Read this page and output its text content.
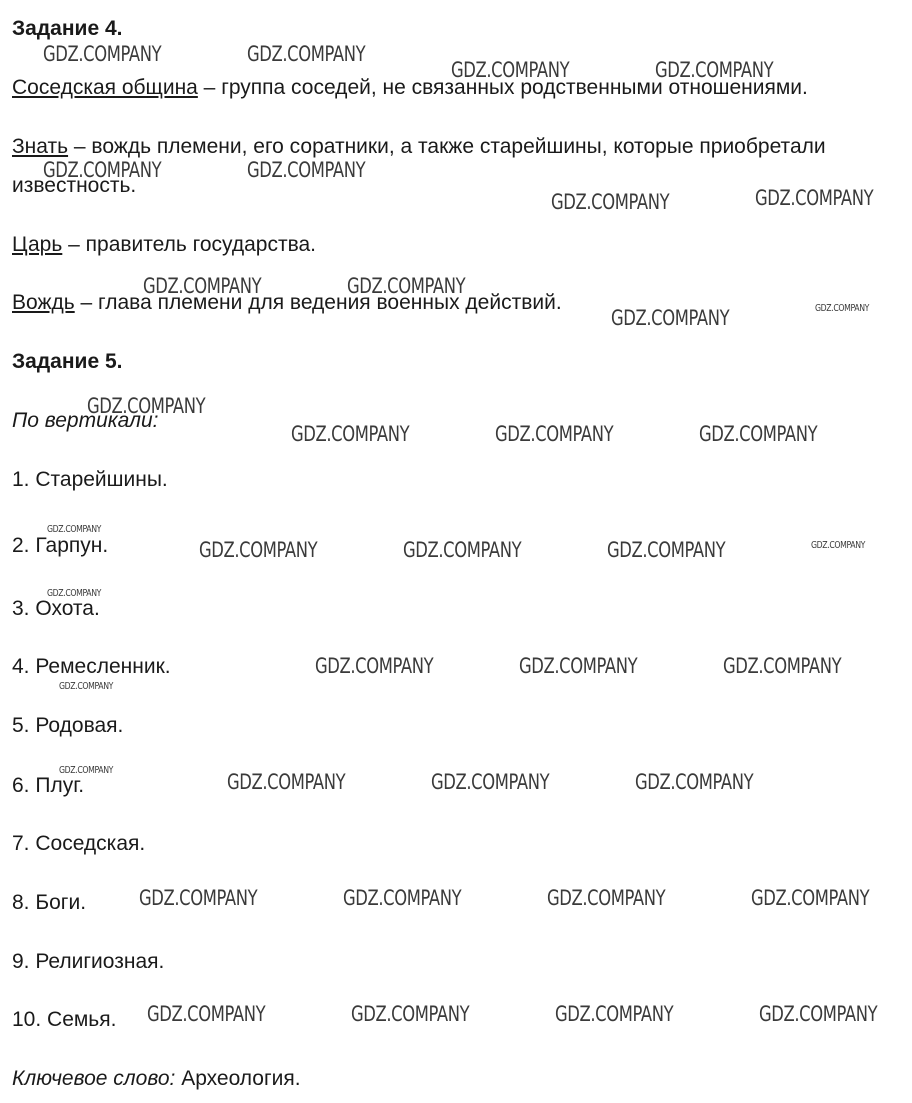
Задание 4.
Соседская община – группа соседей, не связанных родственными отношениями.
Знать – вождь племени, его соратники, а также старейшины, которые приобретали
известность.
Царь – правитель государства.
Вождь – глава племени для ведения военных действий.
Задание 5.
По вертикали:
1. Старейшины.
2. Гарпун.
3. Охота.
4. Ремесленник.
5. Родовая.
6. Плуг.
7. Соседская.
8. Боги.
9. Религиозная.
10. Семья.
Ключевое слово: Археология.
GDZ.COMPANY	GDZ.COMPANY
GDZ.COMPANY	GDZ.COMPANY
GDZ.COMPANY	GDZ.COMPANY
GDZ.COMPANY	GDZ.COMPANY
GDZ.COMPANY	GDZ.COMPANY
GDZ.COMPANY	GDZ.COMPANY
GDZ.COMPANY
GDZ.COMPANY	GDZ.COMPANY	GDZ.COMPANY
GDZ.COMPANY
GDZ.COMPANY	GDZ.COMPANY	GDZ.COMPANY	GDZ.COMPANY
GDZ.COMPANY
GDZ.COMPANY	GDZ.COMPANY	GDZ.COMPANY
GDZ.COMPANY
GDZ.COMPANY	GDZ.COMPANY	GDZ.COMPANY	GDZ.COMPANY
GDZ.COMPANY	GDZ.COMPANY	GDZ.COMPANY	GDZ.COMPANY
GDZ.COMPANY	GDZ.COMPANY	GDZ.COMPANY	GDZ.COMPANY
